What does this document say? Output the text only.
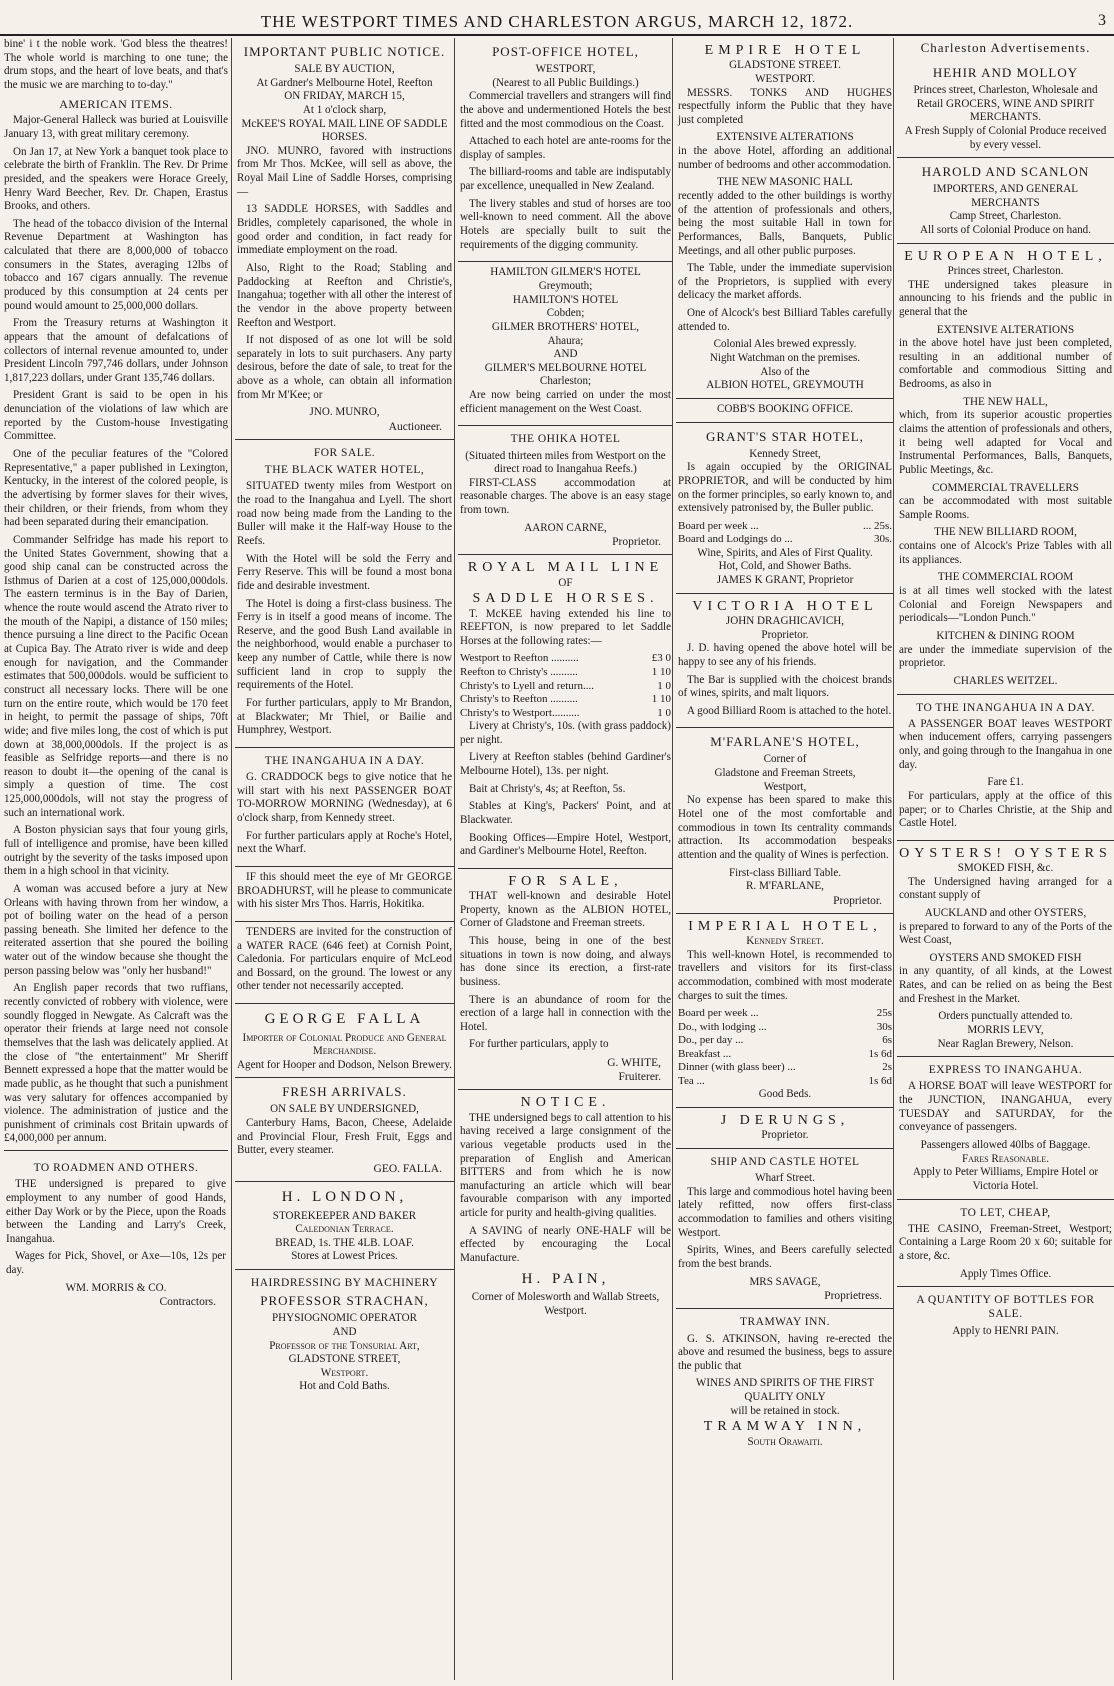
THE WESTPORT TIMES AND CHARLESTON ARGUS, MARCH 12, 1872.	3

bine' i t the noble work. 'God bless the theatres! The whole world is marching to one tune; the drum stops, and the heart of love beats, and that's the music we are marching to to-day."

AMERICAN ITEMS.

Major-General Halleck was buried at Louisville January 13, with great military ceremony.

On Jan 17, at New York a banquet took place to celebrate the birth of Franklin. The Rev. Dr Prime presided, and the speakers were Horace Greely, Henry Ward Beecher, Rev. Dr. Chapen, Erastus Brooks, and others.

The head of the tobacco division of the Internal Revenue Department at Washington has calculated that there are 8,000,000 of tobacco consumers in the States, averaging 12lbs of tobacco and 167 cigars annually. The revenue produced by this consumption at 24 cents per pound would amount to 25,000,000 dollars.

From the Treasury returns at Washington it appears that the amount of defalcations of collectors of internal revenue amounted to, under President Lincoln 797,746 dollars, under Johnson 1,817,223 dollars, under Grant 135,746 dollars.

President Grant is said to be open in his denunciation of the violations of law which are reported by the Custom-house Investigating Committee.

One of the peculiar features of the "Colored Representative," a paper published in Lexington, Kentucky, in the interest of the colored people, is the advertising by former slaves for their wives, their children, or their friends, from whom they had been separated during their emancipation.

Commander Selfridge has made his report to the United States Government, showing that a good ship canal can be constructed across the Isthmus of Darien at a cost of 125,000,000dols. The eastern terminus is in the Bay of Darien, whence the route would ascend the Atrato river to the mouth of the Napipi, a distance of 150 miles; thence pursuing a line direct to the Pacific Ocean at Cupica Bay. The Atrato river is wide and deep enough for navigation, and the Commander estimates that 500,000dols. would be sufficient to construct all necessary locks. There will be one turn on the entire route, which would be 170 feet in height, to permit the passage of ships, 70ft wide; and five miles long, the cost of which is put down at 38,000,000dols. If the project is as feasible as Selfridge reports—and there is no reason to doubt it—the opening of the canal is simply a question of time. The cost 125,000,000dols, will not stay the progress of such an international work.

A Boston physician says that four young girls, full of intelligence and promise, have been killed outright by the severity of the tasks imposed upon them in a high school in that vicinity.

A woman was accused before a jury at New Orleans with having thrown from her window, a pot of boiling water on the head of a person passing beneath. She limited her defence to the reiterated assertion that she poured the boiling water out of the window because she thought the person passing below was "only her husband!"

An English paper records that two ruffians, recently convicted of robbery with violence, were soundly flogged in Newgate. As Calcraft was the operator their friends at large need not console themselves that the lash was delicately applied. At the close of "the entertainment" Mr Sheriff Bennett expressed a hope that the matter would be made public, as he thought that such a punishment was very salutary for offences accompanied by violence. The administration of justice and the punishment of criminals cost Britain upwards of £4,000,000 per annum.

TO ROADMEN AND OTHERS.

THE undersigned is prepared to give employment to any number of good Hands, either Day Work or by the Piece, upon the Roads between the Landing and Larry's Creek, Inangahua.

Wages for Pick, Shovel, or Axe—10s, 12s per day.

WM. MORRIS & CO.
Contractors.
IMPORTANT PUBLIC NOTICE.
SALE BY AUCTION,
At Gardner's Melbourne Hotel, Reefton
ON FRIDAY, MARCH 15,
At 1 o'clock sharp,
McKEE'S ROYAL MAIL LINE OF SADDLE HORSES.

JNO. MUNRO, favored with instructions from Mr Thos. McKee, will sell as above, the Royal Mail Line of Saddle Horses, comprising—

13 SADDLE HORSES, with Saddles and Bridles, completely caparisoned, the whole in good order and condition, in fact ready for immediate employment on the road.

Also, Right to the Road; Stabling and Paddocking at Reefton and Christie's, Inangahua; together with all other the interest of the vendor in the above property between Reefton and Westport.

If not disposed of as one lot will be sold separately in lots to suit purchasers. Any party desirous, before the date of sale, to treat for the above as a whole, can obtain all information from Mr M'Kee; or

JNO. MUNRO,
Auctioneer.
FOR SALE.
THE BLACK WATER HOTEL,

SITUATED twenty miles from Westport on the road to the Inangahua and Lyell. The short road now being made from the Landing to the Buller will make it the Half-way House to the Reefs.

With the Hotel will be sold the Ferry and Ferry Reserve. This will be found a most bona fide and desirable investment.

The Hotel is doing a first-class business. The Ferry is in itself a good means of income. The Reserve, and the good Bush Land available in the neighborhood, would enable a purchaser to keep any number of Cattle, while there is now sufficient land in crop to supply the requirements of the Hotel.

For further particulars, apply to Mr Brandon, at Blackwater; Mr Thiel, or Bailie and Humphrey, Westport.

THE INANGAHUA IN A DAY.

G. CRADDOCK begs to give notice that he will start with his next PASSENGER BOAT TO-MORROW MORNING (Wednesday), at 6 o'clock sharp, from Kennedy street.

For further particulars apply at Roche's Hotel, next the Wharf.

IF this should meet the eye of Mr GEORGE BROADHURST, will he please to communicate with his sister Mrs Thos. Harris, Hokitika.

TENDERS are invited for the construction of a WATER RACE (646 feet) at Cornish Point, Caledonia. For particulars enquire of McLeod and Bossard, on the ground. The lowest or any other tender not necessarily accepted.

GEORGE FALLA
Importer of Colonial Produce and General Merchandise.
Agent for Hooper and Dodson, Nelson Brewery.
FRESH ARRIVALS.
ON SALE BY UNDERSIGNED,

Canterbury Hams, Bacon, Cheese, Adelaide and Provincial Flour, Fresh Fruit, Eggs and Butter, every steamer.

GEO. FALLA.
H. LONDON,
STOREKEEPER AND BAKER
Caledonian Terrace.
BREAD, 1s. THE 4LB. LOAF.
Stores at Lowest Prices.
HAIRDRESSING BY MACHINERY
PROFESSOR STRACHAN,
PHYSIOGNOMIC OPERATOR
AND
Professor of the Tonsurial Art,
GLADSTONE STREET,
Westport.
Hot and Cold Baths.
POST-OFFICE HOTEL,
WESTPORT,
(Nearest to all Public Buildings.)

Commercial travellers and strangers will find the above and undermentioned Hotels the best fitted and the most commodious on the Coast.

Attached to each hotel are ante-rooms for the display of samples.

The billiard-rooms and table are indisputably par excellence, unequalled in New Zealand.

The livery stables and stud of horses are too well-known to need comment. All the above Hotels are specially built to suit the requirements of the digging community.

HAMILTON GILMER'S HOTEL
Greymouth;
HAMILTON'S HOTEL
Cobden;
GILMER BROTHERS' HOTEL,
Ahaura;
AND
GILMER'S MELBOURNE HOTEL
Charleston;

Are now being carried on under the most efficient management on the West Coast.

THE OHIKA HOTEL
(Situated thirteen miles from Westport on the direct road to Inangahua Reefs.)

FIRST-CLASS accommodation at reasonable charges. The above is an easy stage from town.

AARON CARNE,
Proprietor.
ROYAL MAIL LINE
OF
SADDLE HORSES.

T. McKEE having extended his line to REEFTON, is now prepared to let Saddle Horses at the following rates:—

Westport to Reefton ..........	£3 0
Reefton to Christy's ..........	1 10
Christy's to Lyell and return....	1 0
Christy's to Reefton ..........	1 10
Christy's to Westport..........	1 0

Livery at Christy's, 10s. (with grass paddock) per night.

Livery at Reefton stables (behind Gardiner's Melbourne Hotel), 13s. per night.

Bait at Christy's, 4s; at Reefton, 5s.

Stables at King's, Packers' Point, and at Blackwater.

Booking Offices—Empire Hotel, Westport, and Gardiner's Melbourne Hotel, Reefton.

FOR SALE,

THAT well-known and desirable Hotel Property, known as the ALBION HOTEL, Corner of Gladstone and Freeman streets.

This house, being in one of the best situations in town is now doing, and always has done since its erection, a first-rate business.

There is an abundance of room for the erection of a large hall in connection with the Hotel.

For further particulars, apply to

G. WHITE,
Fruiterer.
NOTICE.

THE undersigned begs to call attention to his having received a large consignment of the various vegetable products used in the preparation of English and American BITTERS and from which he is now manufacturing an article which will bear favourable comparison with any imported article for purity and health-giving qualities.

A SAVING of nearly ONE-HALF will be effected by encouraging the Local Manufacture.

H. PAIN,
Corner of Molesworth and Wallab Streets, Westport.
EMPIRE HOTEL
GLADSTONE STREET.
WESTPORT.

MESSRS. TONKS AND HUGHES respectfully inform the Public that they have just completed

EXTENSIVE ALTERATIONS

in the above Hotel, affording an additional number of bedrooms and other accommodation.

THE NEW MASONIC HALL

recently added to the other buildings is worthy of the attention of professionals and others, being the most suitable Hall in town for Performances, Balls, Banquets, Public Meetings, and all other public purposes.

The Table, under the immediate supervision of the Proprietors, is supplied with every delicacy the market affords.

One of Alcock's best Billiard Tables carefully attended to.

Colonial Ales brewed expressly.
Night Watchman on the premises.
Also of the
ALBION HOTEL, GREYMOUTH
COBB'S BOOKING OFFICE.
GRANT'S STAR HOTEL,
Kennedy Street,

Is again occupied by the ORIGINAL PROPRIETOR, and will be conducted by him on the former principles, so early known to, and extensively patronised by, the Buller public.

Board per week ...	... 25s.
Board and Lodgings do ...	30s.
Wine, Spirits, and Ales of First Quality.
Hot, Cold, and Shower Baths.
JAMES K GRANT, Proprietor
VICTORIA HOTEL
JOHN DRAGHICAVICH,
Proprietor.

J. D. having opened the above hotel will be happy to see any of his friends.

The Bar is supplied with the choicest brands of wines, spirits, and malt liquors.

A good Billiard Room is attached to the hotel.

M'FARLANE'S HOTEL,
Corner of
Gladstone and Freeman Streets,
Westport,

No expense has been spared to make this Hotel one of the most comfortable and commodious in town Its centrality commands attraction. Its accommodation bespeaks attention and the quality of Wines is perfection.

First-class Billiard Table.
R. M'FARLANE,
Proprietor.
IMPERIAL HOTEL,
Kennedy Street.

This well-known Hotel, is recommended to travellers and visitors for its first-class accommodation, combined with most moderate charges to suit the times.

Board per week ...	25s
Do., with lodging ...	30s
Do., per day ...	6s
Breakfast ...	1s 6d
Dinner (with glass beer) ...	2s
Tea ...	1s 6d
Good Beds.
J DERUNGS,
Proprietor.
SHIP AND CASTLE HOTEL
Wharf Street.

This large and commodious hotel having been lately refitted, now offers first-class accommodation to families and others visiting Westport.

Spirits, Wines, and Beers carefully selected from the best brands.

MRS SAVAGE,
Proprietress.
TRAMWAY INN.

G. S. ATKINSON, having re-erected the above and resumed the business, begs to assure the public that

WINES AND SPIRITS OF THE FIRST QUALITY ONLY
will be retained in stock.
TRAMWAY INN,
South Orawaiti.
Charleston Advertisements.
HEHIR AND MOLLOY
Princes street, Charleston, Wholesale and Retail GROCERS, WINE AND SPIRIT MERCHANTS.
A Fresh Supply of Colonial Produce received by every vessel.
HAROLD AND SCANLON
IMPORTERS, AND GENERAL MERCHANTS
Camp Street, Charleston.
All sorts of Colonial Produce on hand.
EUROPEAN HOTEL,
Princes street, Charleston.

THE undersigned takes pleasure in announcing to his friends and the public in general that the

EXTENSIVE ALTERATIONS

in the above hotel have just been completed, resulting in an additional number of comfortable and commodious Sitting and Bedrooms, as also in

THE NEW HALL,

which, from its superior acoustic properties claims the attention of professionals and others, it being well adapted for Vocal and Instrumental Performances, Balls, Banquets, Public Meetings, &c.

COMMERCIAL TRAVELLERS

can be accommodated with most suitable Sample Rooms.

THE NEW BILLIARD ROOM,

contains one of Alcock's Prize Tables with all its appliances.

THE COMMERCIAL ROOM

is at all times well stocked with the latest Colonial and Foreign Newspapers and periodicals—"London Punch."

KITCHEN & DINING ROOM

are under the immediate supervision of the proprietor.

CHARLES WEITZEL.
TO THE INANGAHUA IN A DAY.

A PASSENGER BOAT leaves WESTPORT when inducement offers, carrying passengers only, and going through to the Inangahua in one day.

Fare £1.

For particulars, apply at the office of this paper; or to Charles Christie, at the Ship and Castle Hotel.

OYSTERS! OYSTERS
SMOKED FISH, &c.

The Undersigned having arranged for a constant supply of

AUCKLAND and other OYSTERS,

is prepared to forward to any of the Ports of the West Coast,

OYSTERS AND SMOKED FISH

in any quantity, of all kinds, at the Lowest Rates, and can be relied on as being the Best and Freshest in the Market.

Orders punctually attended to.
MORRIS LEVY,
Near Raglan Brewery, Nelson.
EXPRESS TO INANGAHUA.

A HORSE BOAT will leave WESTPORT for the JUNCTION, INANGAHUA, every TUESDAY and SATURDAY, for the conveyance of passengers.

Passengers allowed 40lbs of Baggage.
Fares Reasonable.
Apply to Peter Williams, Empire Hotel or Victoria Hotel.
TO LET, CHEAP,

THE CASINO, Freeman-Street, Westport; Containing a Large Room 20 x 60; suitable for a store, &c.

Apply Times Office.
A QUANTITY OF BOTTLES FOR SALE.
Apply to HENRI PAIN.
